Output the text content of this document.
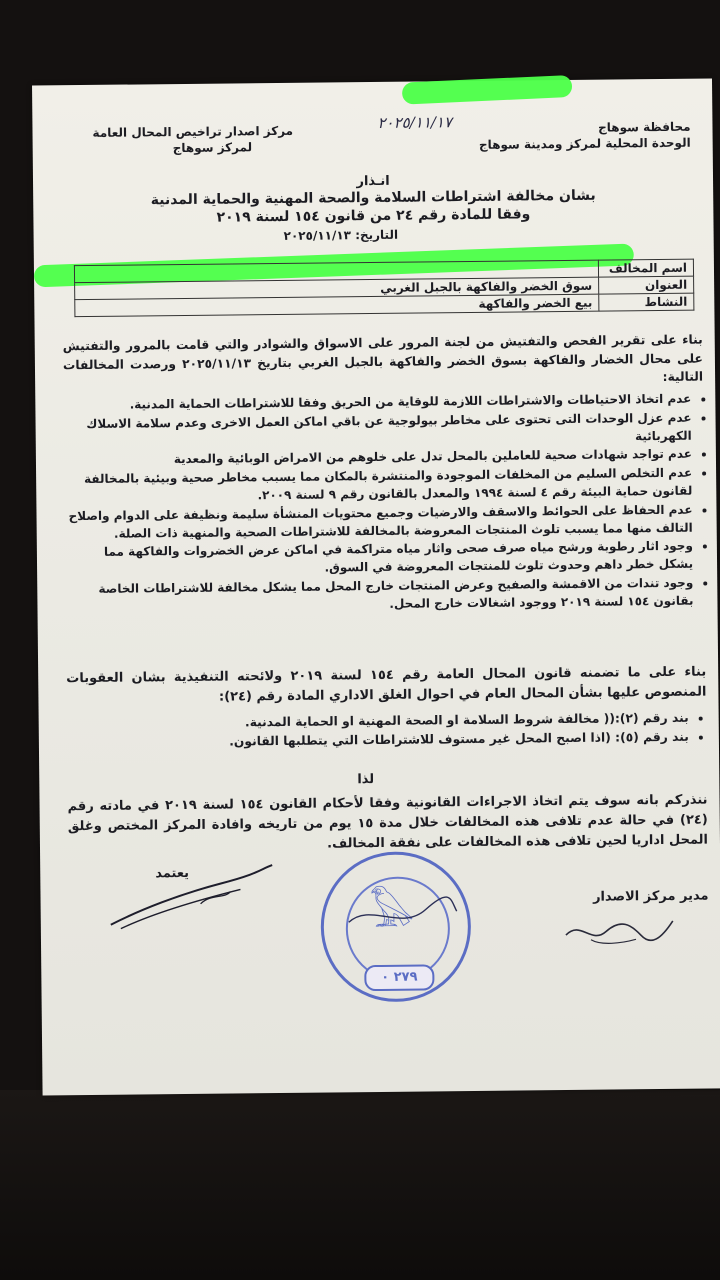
محافظة سوهاج
الوحدة المحلية لمركز ومدينة سوهاج
مركز اصدار تراخيص المحال العامة
لمركز سوهاج
٢٠٢٥/١١/١٧
انـذار
بشان مخالفة اشتراطات السلامة والصحة المهنية والحماية المدنية
وفقا للمادة رقم ٢٤ من قانون ١٥٤ لسنة ٢٠١٩
التاريخ: ٢٠٢٥/١١/١٣
اسم المخالف	
العنوان	سوق الخضر والفاكهة بالجبل الغربي
النشاط	بيع الخضر والفاكهة
بناء على تقرير الفحص والتفتيش من لجنة المرور على الاسواق والشوادر والتي قامت بالمرور والتفتيش على محال الخضار والفاكهة بسوق الخضر والفاكهة بالجبل الغربي بتاريخ ٢٠٢٥/١١/١٣ ورصدت المخالفات التالية:
• عدم اتخاذ الاحتياطات والاشتراطات اللازمة للوقاية من الحريق وفقا للاشتراطات الحماية المدنية.
• عدم عزل الوحدات التى تحتوى على مخاطر بيولوجية عن باقي اماكن العمل الاخرى وعدم سلامة الاسلاك الكهربائية
• عدم تواجد شهادات صحية للعاملين بالمحل تدل على خلوهم من الامراض الوبائية والمعدية
• عدم التخلص السليم من المخلفات الموجودة والمنتشرة بالمكان مما يسبب مخاطر صحية وبيئية بالمخالفة لقانون حماية البيئة رقم ٤ لسنة ١٩٩٤ والمعدل بالقانون رقم ٩ لسنة ٢٠٠٩.
• عدم الحفاظ على الحوائط والاسقف والارضيات وجميع محتويات المنشأة سليمة ونظيفة على الدوام واصلاح التالف منها مما يسبب تلوث المنتجات المعروضة بالمخالفة للاشتراطات الصحية والمنهية ذات الصلة.
• وجود اثار رطوبة ورشح مياه صرف صحى واثار مياه متراكمة في اماكن عرض الخضروات والفاكهة مما يشكل خطر داهم وحدوث تلوث للمنتجات المعروضة في السوق.
• وجود تندات من الاقمشة والصفيح وعرض المنتجات خارج المحل مما يشكل مخالفة للاشتراطات الخاصة بقانون ١٥٤ لسنة ٢٠١٩ ووجود اشغالات خارج المحل.
بناء على ما تضمنه قانون المحال العامة رقم ١٥٤ لسنة ٢٠١٩ ولائحته التنفيذية بشان العقوبات المنصوص عليها بشأن المحال العام في احوال الغلق الاداري المادة رقم (٢٤):
• بند رقم (٢):(( مخالفة شروط السلامة او الصحة المهنية او الحماية المدنية.
• بند رقم (٥): (اذا اصبح المحل غير مستوف للاشتراطات التي يتطلبها القانون.
لذا
ننذركم بانه سوف يتم اتخاذ الاجراءات القانونية وفقا لأحكام القانون ١٥٤ لسنة ٢٠١٩ في مادته رقم (٢٤) في حالة عدم تلافى هذه المخالفات خلال مدة ١٥ يوم من تاريخه وافادة المركز المختص وغلق المحل اداريا لحين تلافى هذه المخالفات على نفقة المخالف.
مدير مركز الاصدار
يعتمد
𓅃
٢٧٩ ٠
